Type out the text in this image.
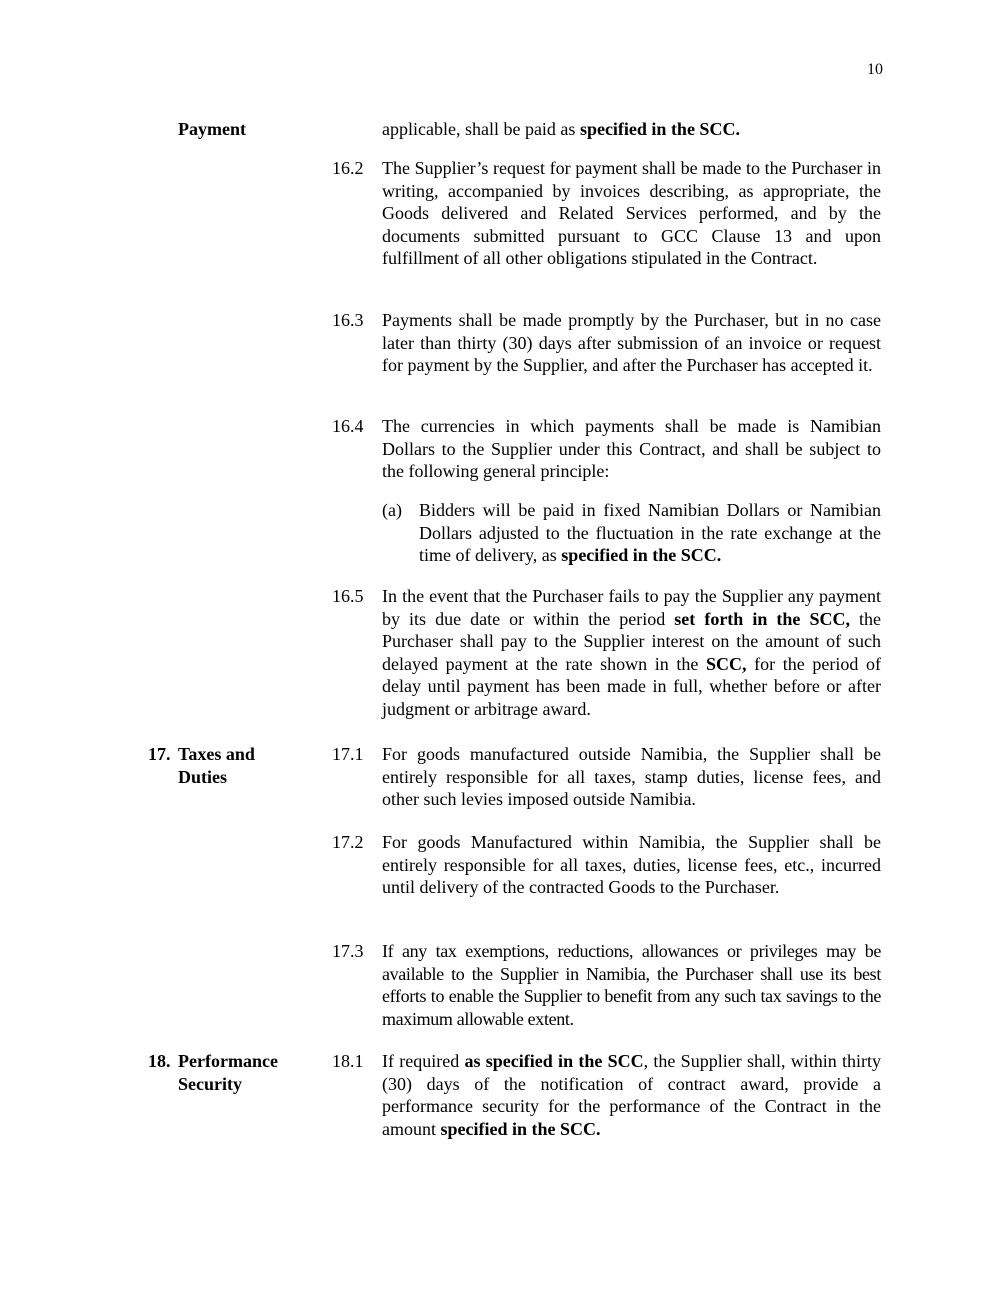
10
Payment	applicable, shall be paid as specified in the SCC.
16.2 The Supplier’s request for payment shall be made to the Purchaser in writing, accompanied by invoices describing, as appropriate, the Goods delivered and Related Services performed, and by the documents submitted pursuant to GCC Clause 13 and upon fulfillment of all other obligations stipulated in the Contract.
16.3 Payments shall be made promptly by the Purchaser, but in no case later than thirty (30) days after submission of an invoice or request for payment by the Supplier, and after the Purchaser has accepted it.
16.4 The currencies in which payments shall be made is Namibian Dollars to the Supplier under this Contract, and shall be subject to the following general principle:
(a) Bidders will be paid in fixed Namibian Dollars or Namibian Dollars adjusted to the fluctuation in the rate exchange at the time of delivery, as specified in the SCC.
16.5 In the event that the Purchaser fails to pay the Supplier any payment by its due date or within the period set forth in the SCC, the Purchaser shall pay to the Supplier interest on the amount of such delayed payment at the rate shown in the SCC, for the period of delay until payment has been made in full, whether before or after judgment or arbitrage award.
17. Taxes and
Duties
17.1 For goods manufactured outside Namibia, the Supplier shall be entirely responsible for all taxes, stamp duties, license fees, and other such levies imposed outside Namibia.
17.2 For goods Manufactured within Namibia, the Supplier shall be entirely responsible for all taxes, duties, license fees, etc., incurred until delivery of the contracted Goods to the Purchaser.
17.3 If any tax exemptions, reductions, allowances or privileges may be available to the Supplier in Namibia, the Purchaser shall use its best efforts to enable the Supplier to benefit from any such tax savings to the maximum allowable extent.
18. Performance
Security
18.1 If required as specified in the SCC, the Supplier shall, within thirty (30) days of the notification of contract award, provide a performance security for the performance of the Contract in the amount specified in the SCC.
